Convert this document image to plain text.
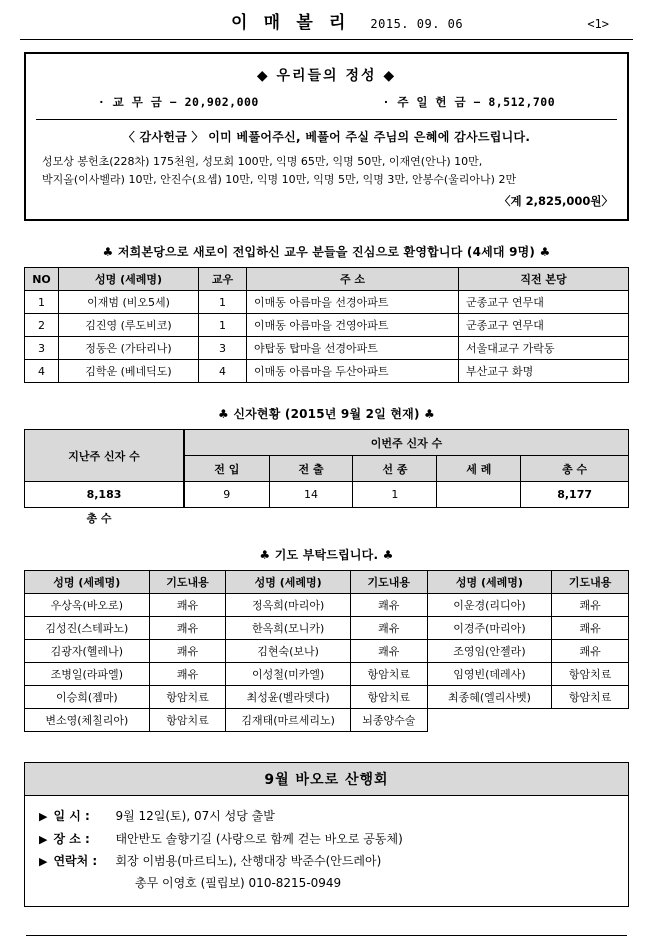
이 매 볼 리 2015. 09. 06	<1>
◆ 우리들의 정성 ◆
· 교 무 금 − 20,902,000	· 주 일 헌 금 − 8,512,700
〈 감사헌금 〉 이미 베풀어주신, 베풀어 주실 주님의 은혜에 감사드립니다.
성모상 봉헌초(228차) 175천원, 성모회 100만, 익명 65만, 익명 50만, 이재연(안나) 10만,
박지올(이사벨라) 10만, 안진수(요셉) 10만, 익명 10만, 익명 5만, 익명 3만, 안봉수(울리아나) 2만
〈계 2,825,000원〉
♣ 저희본당으로 새로이 전입하신 교우 분들을 진심으로 환영합니다 (4세대 9명) ♣
NO	성명 (세례명)	교우	주 소	직전 본당
1	이재범 (비오5세)	1	이매동 아름마을 선경아파트	군종교구 연무대
2	김진영 (루도비코)	1	이매동 아름마을 건영아파트	군종교구 연무대
3	정동은 (가타리나)	3	야탑동 탑마을 선경아파트	서울대교구 가락동
4	김학운 (베네딕도)	4	이매동 아름마을 두산아파트	부산교구 화명
♣ 신자현황 (2015년 9월 2일 현재) ♣
지난주 신자 수	이번주 신자 수				
	전 입	전 출	선 종	세 례	총 수
8,183	9	14	1		8,177
총 수
♣ 기도 부탁드립니다. ♣
성명 (세례명)	기도내용	성명 (세례명)	기도내용	성명 (세례명)	기도내용
우상옥(바오로)	쾌유	정옥희(마리아)	쾌유	이운경(리디아)	쾌유
김성진(스테파노)	쾌유	한옥희(모니카)	쾌유	이경주(마리아)	쾌유
김광자(헬레나)	쾌유	김현숙(보나)	쾌유	조영임(안젤라)	쾌유
조병일(라파엘)	쾌유	이성철(미카엘)	항암치료	임영빈(데레사)	항암치료
이승희(젬마)	항암치료	최성윤(벨라뎃다)	항암치료	최종혜(엘리사벳)	항암치료
변소영(체칠리아)	항암치료	김재태(마르세리노)	뇌종양수술		
9월 바오로 산행회
▶ 일 시 :	9월 12일(토), 07시 성당 출발
▶ 장 소 :	태안반도 솔향기길 (사랑으로 함께 걷는 바오로 공동체)
▶ 연락처 :	회장 이범용(마르티노), 산행대장 박준수(안드레아)
총무 이영호 (필립보) 010-8215-0949
